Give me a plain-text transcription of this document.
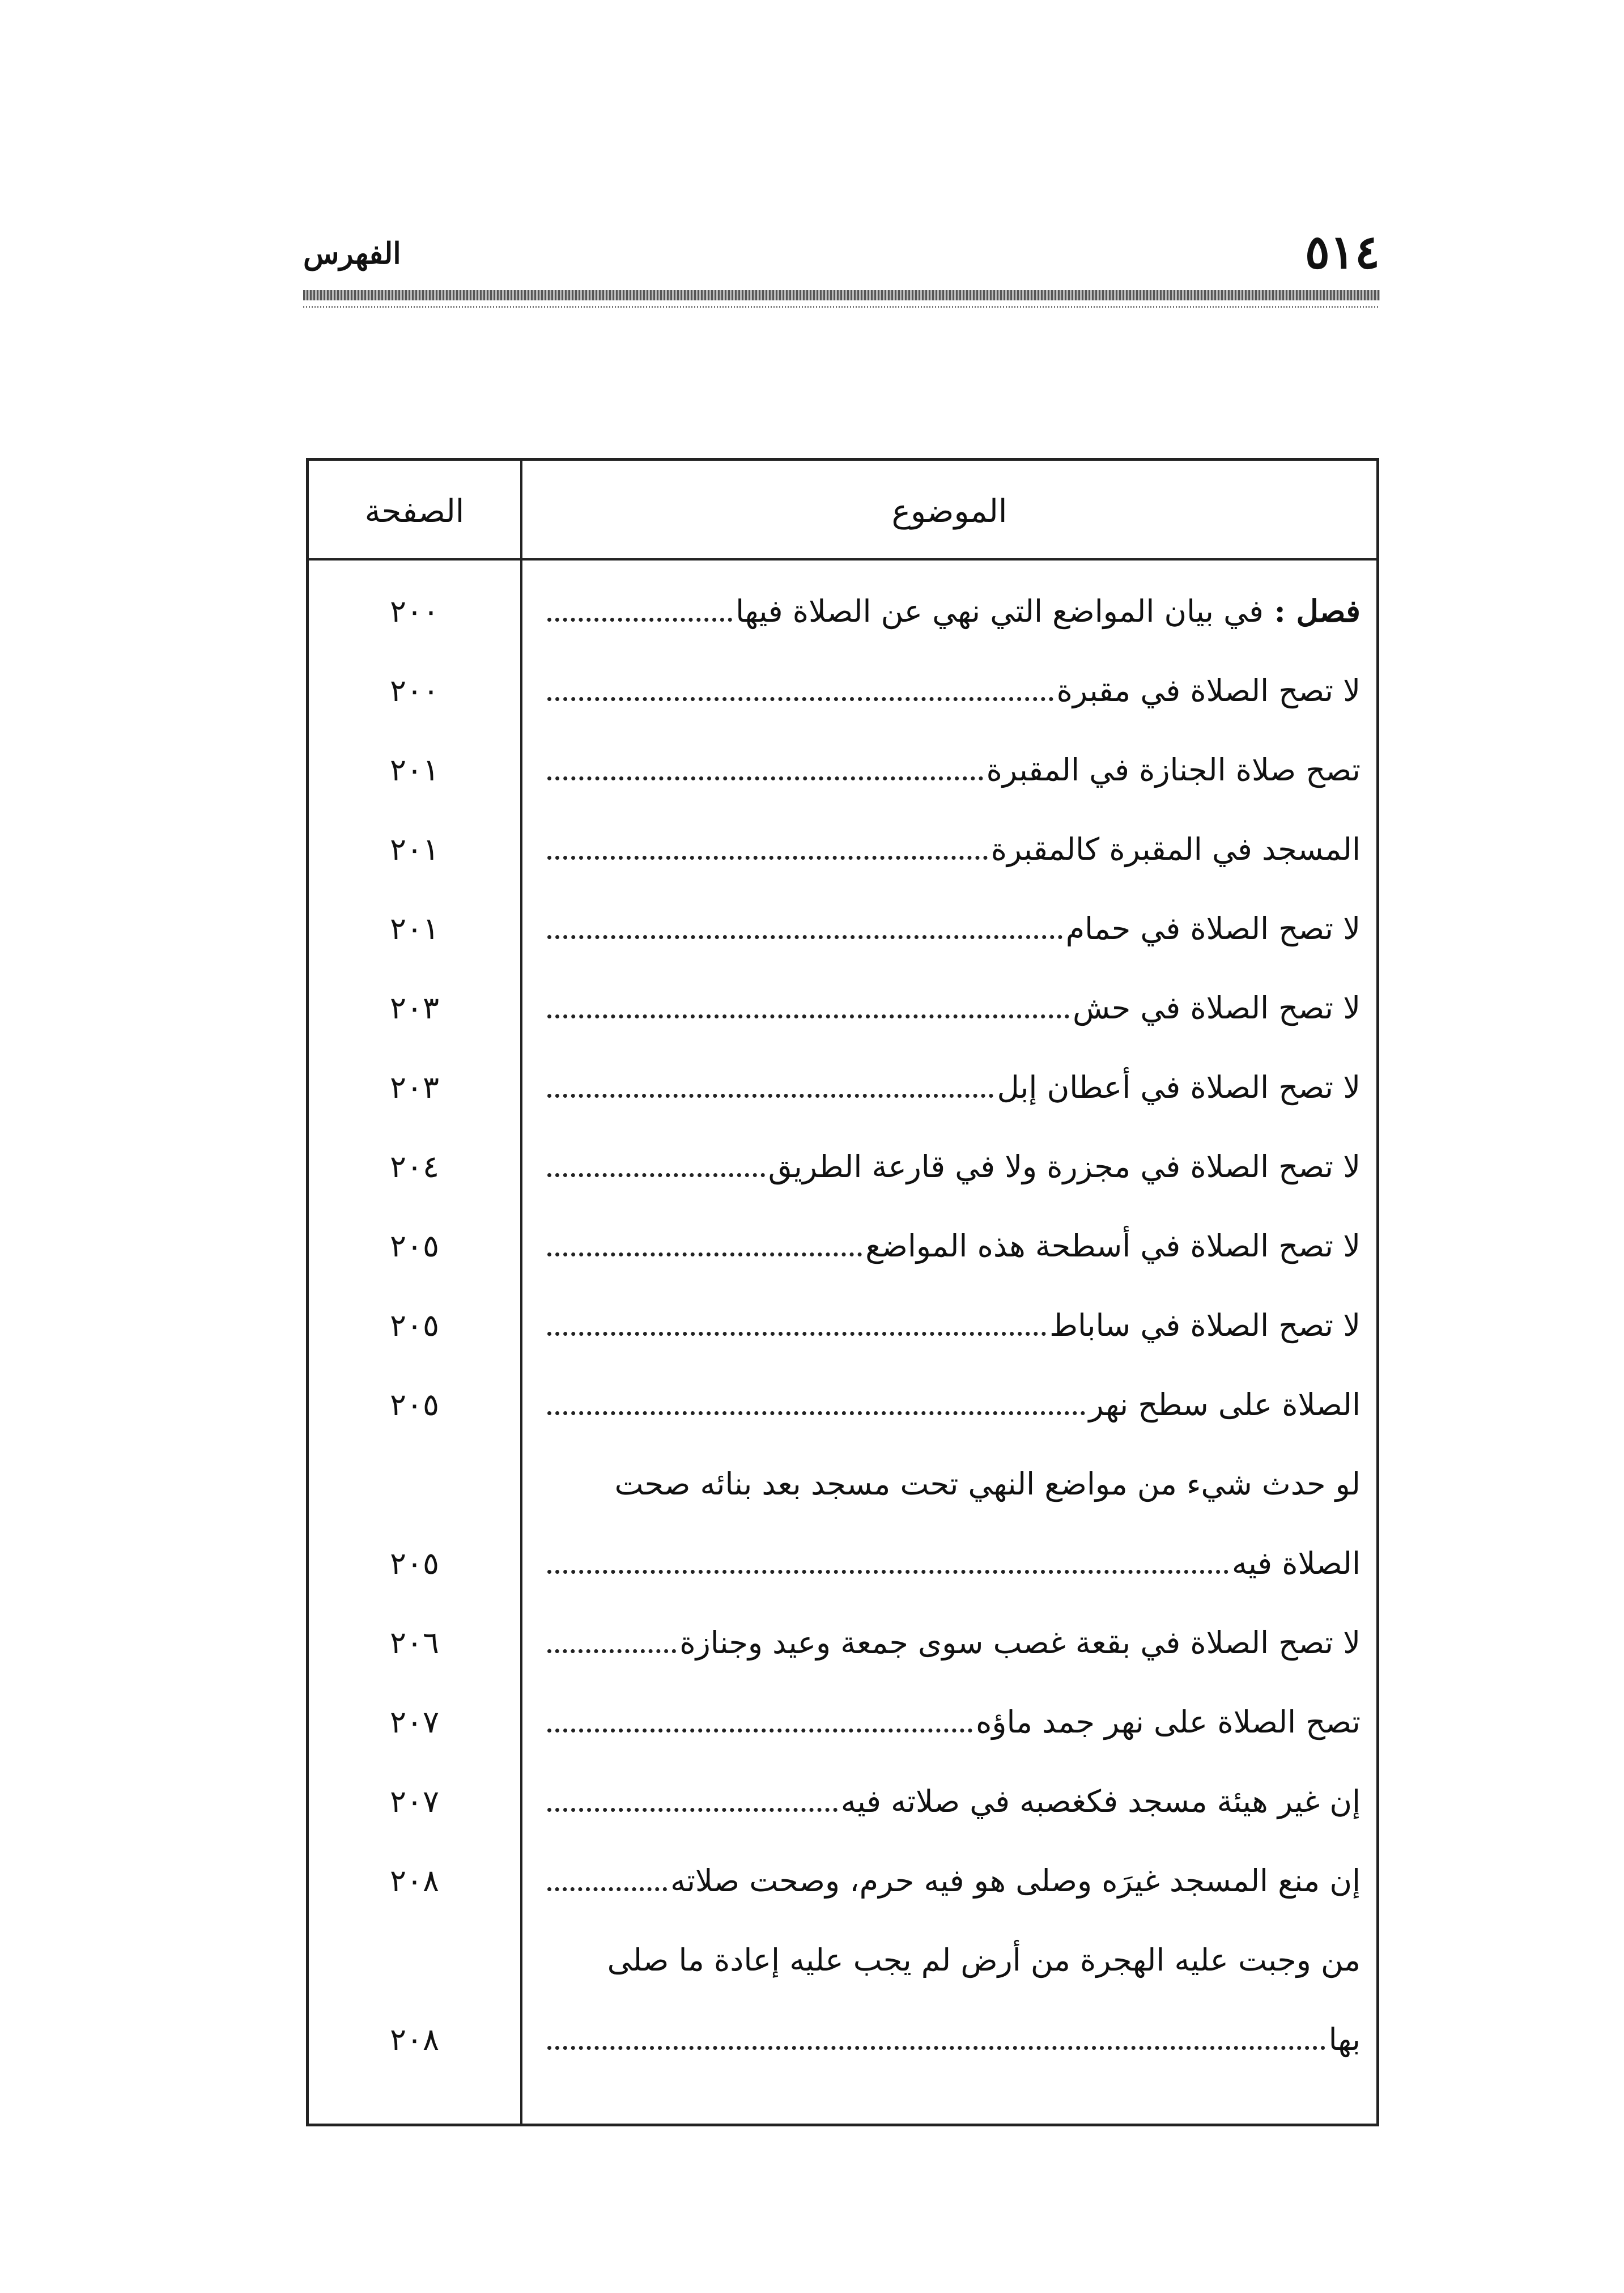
٥١٤
الفهرس
الصفحة	الموضوع
فصل : في بيان المواضع التي نهي عن الصلاة فيها
٢٠٠
لا تصح الصلاة في مقبرة
٢٠٠
تصح صلاة الجنازة في المقبرة
٢٠١
المسجد في المقبرة كالمقبرة
٢٠١
لا تصح الصلاة في حمام
٢٠١
لا تصح الصلاة في حش
٢٠٣
لا تصح الصلاة في أعطان إبل
٢٠٣
لا تصح الصلاة في مجزرة ولا في قارعة الطريق
٢٠٤
لا تصح الصلاة في أسطحة هذه المواضع
٢٠٥
لا تصح الصلاة في ساباط
٢٠٥
الصلاة على سطح نهر
٢٠٥
لو حدث شيء من مواضع النهي تحت مسجد بعد بنائه صحت
الصلاة فيه
٢٠٥
لا تصح الصلاة في بقعة غصب سوى جمعة وعيد وجنازة
٢٠٦
تصح الصلاة على نهر جمد ماؤه
٢٠٧
إن غير هيئة مسجد فكغصبه في صلاته فيه
٢٠٧
إن منع المسجد غيرَه وصلى هو فيه حرم، وصحت صلاته
٢٠٨
من وجبت عليه الهجرة من أرض لم يجب عليه إعادة ما صلى
بها
٢٠٨
